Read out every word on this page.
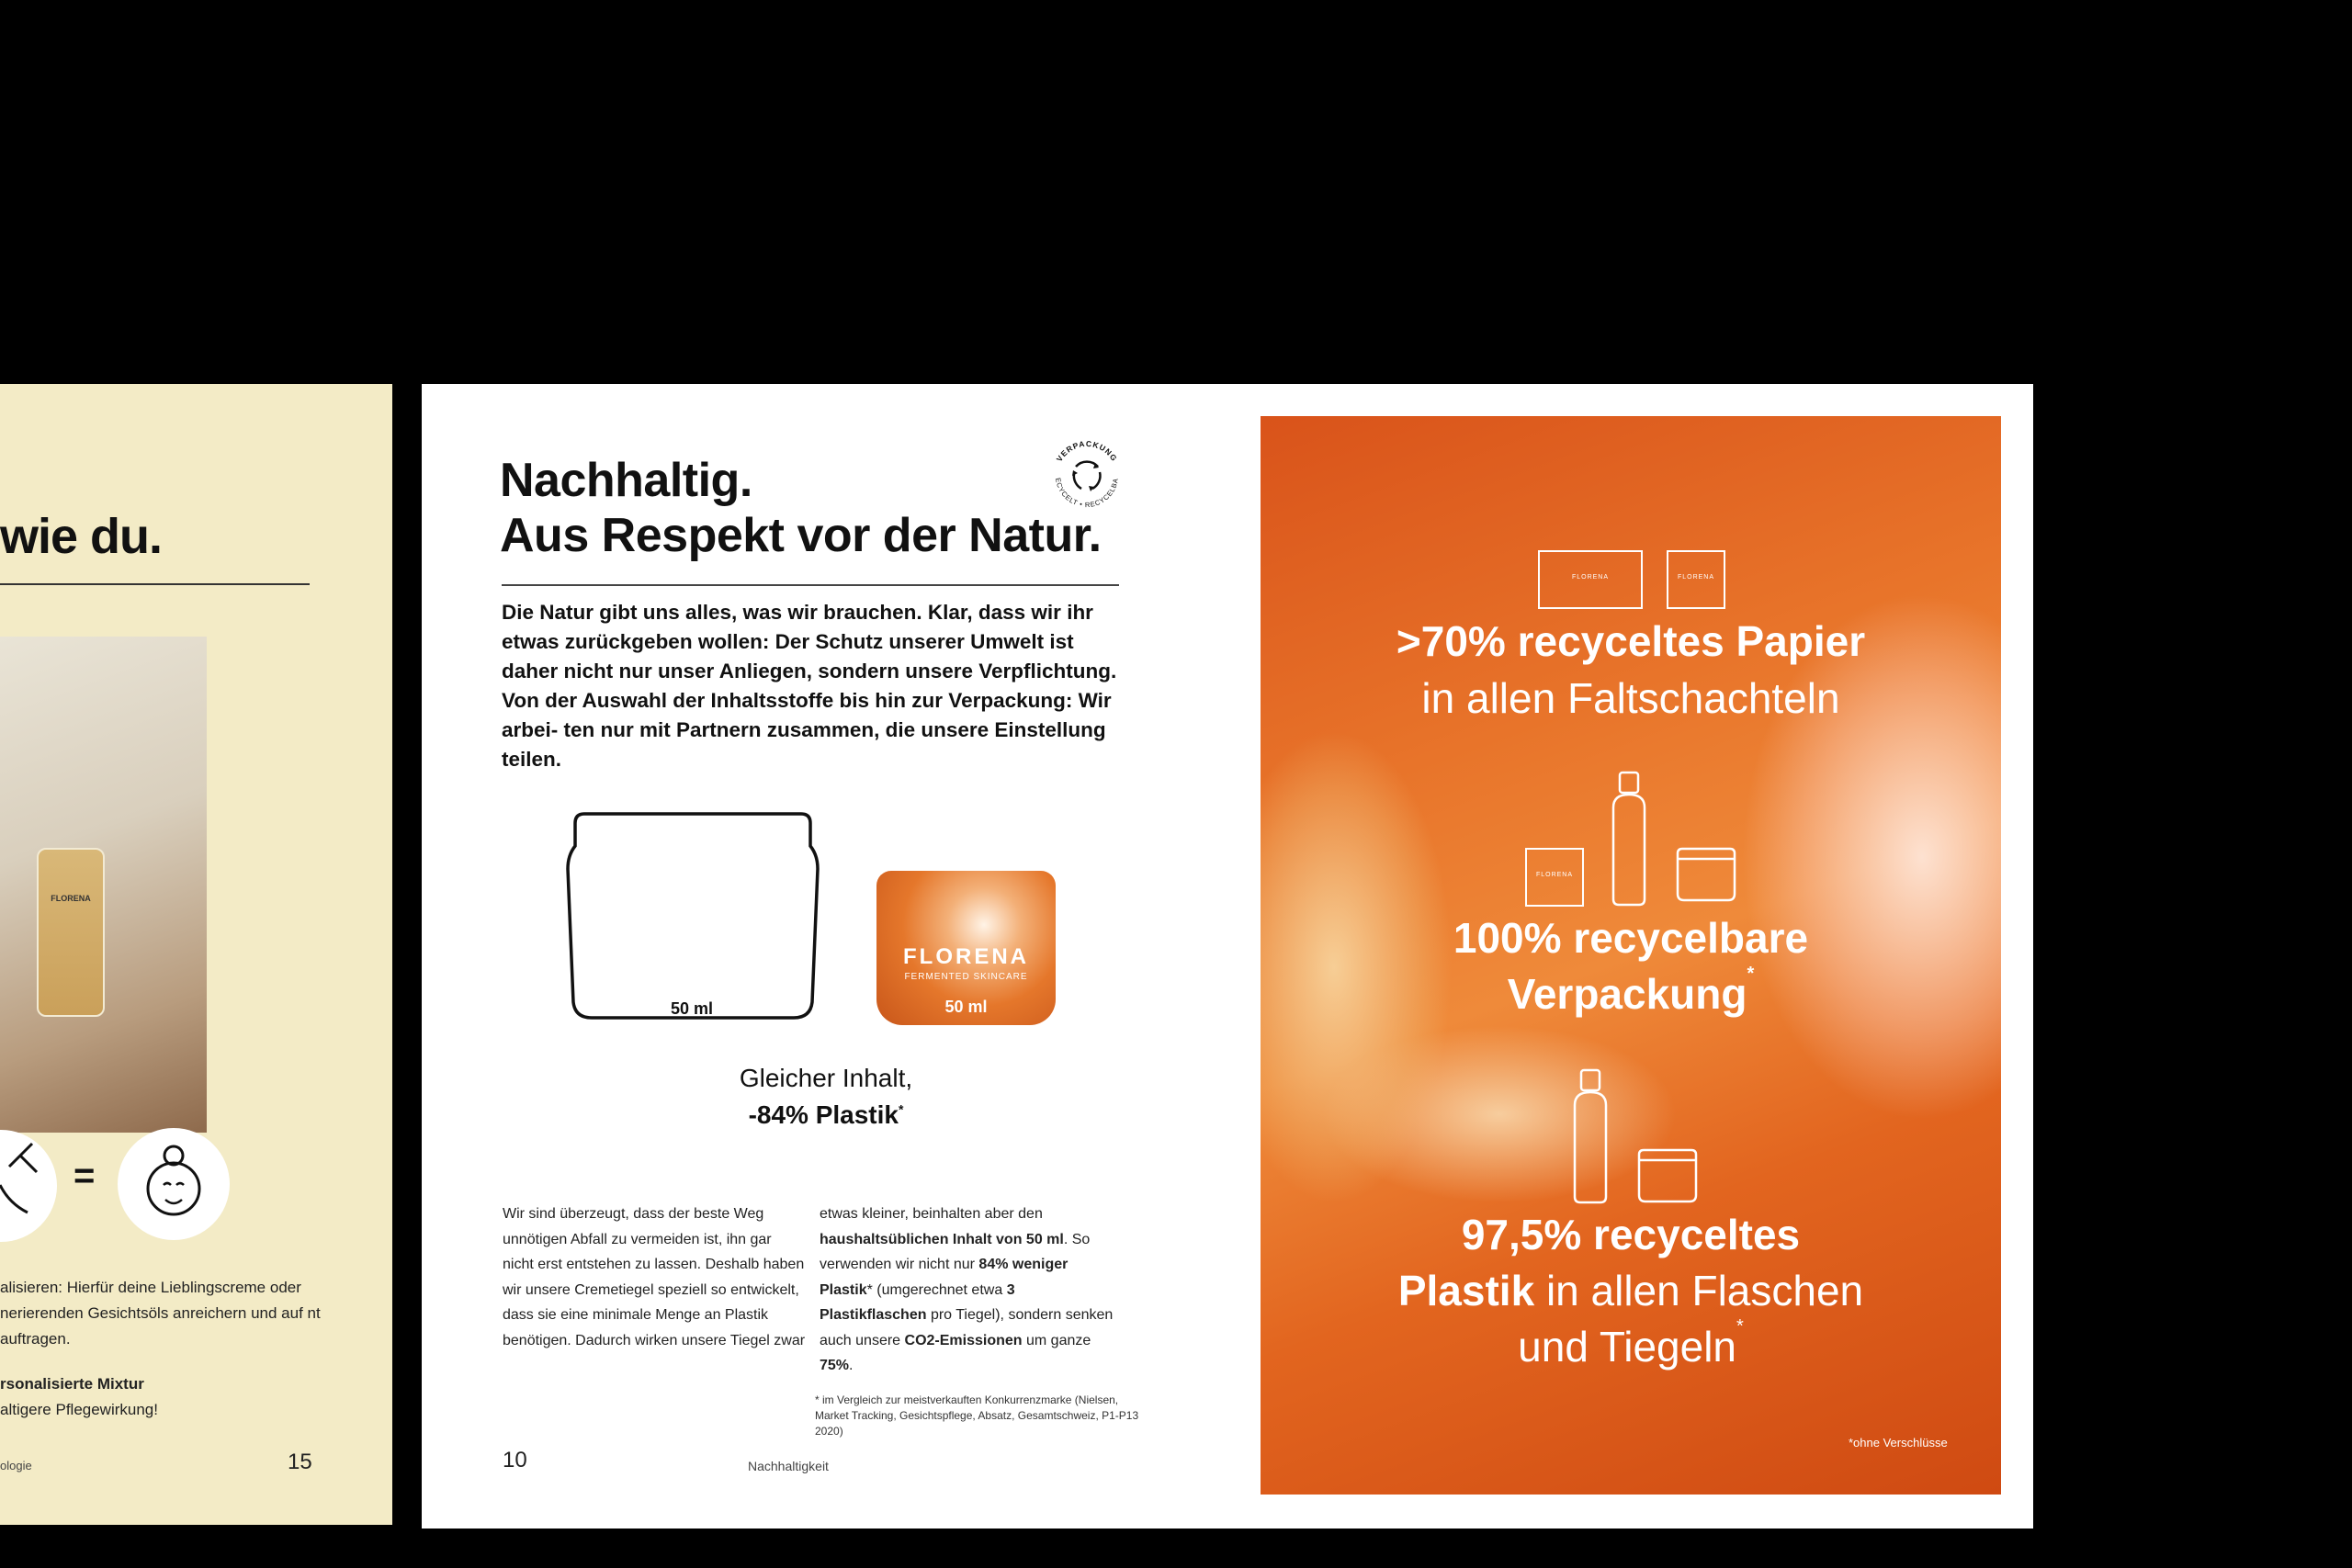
wie du.
FLORENA
=
alisieren: Hierfür deine Lieblingscreme oder nerierenden Gesichtsöls anreichern und auf nt auftragen.
rsonalisierte Mixtur
altigere Pflegewirkung!
ologie	15
Nachhaltig.
Aus Respekt vor der Natur.
VERPACKUNG
ECYCELT • RECYCELBA
Die Natur gibt uns alles, was wir brauchen. Klar, dass wir ihr etwas zurückgeben wollen: Der Schutz unserer Umwelt ist daher nicht nur unser Anliegen, sondern unsere Verpflichtung. Von der Auswahl der Inhaltsstoffe bis hin zur Verpackung: Wir arbei- ten nur mit Partnern zusammen, die unsere Einstellung teilen.
50 ml
FLORENA
FERMENTED SKINCARE
50 ml
Gleicher Inhalt,
-84% Plastik*
Wir sind überzeugt, dass der beste Weg unnötigen Abfall zu vermeiden ist, ihn gar nicht erst entstehen zu lassen. Deshalb haben wir unsere Cremetiegel speziell so entwickelt, dass sie eine minimale Menge an Plastik benötigen. Dadurch wirken unsere Tiegel zwar
etwas kleiner, beinhalten aber den haushaltsüblichen Inhalt von 50 ml. So verwenden wir nicht nur 84% weniger Plastik* (umgerechnet etwa 3 Plastikflaschen pro Tiegel), sondern senken auch unsere CO2-Emissionen um ganze 75%.
* im Vergleich zur meistverkauften Konkurrenzmarke (Nielsen, Market Tracking, Gesichtspflege, Absatz, Gesamtschweiz, P1-P13 2020)
10	Nachhaltigkeit
FLORENA	FLORENA
>70% recyceltes Papier
in allen Faltschachteln
FLORENA
100% recycelbare
Verpackung*
97,5% recyceltes
Plastik in allen Flaschen
und Tiegeln*
*ohne Verschlüsse
